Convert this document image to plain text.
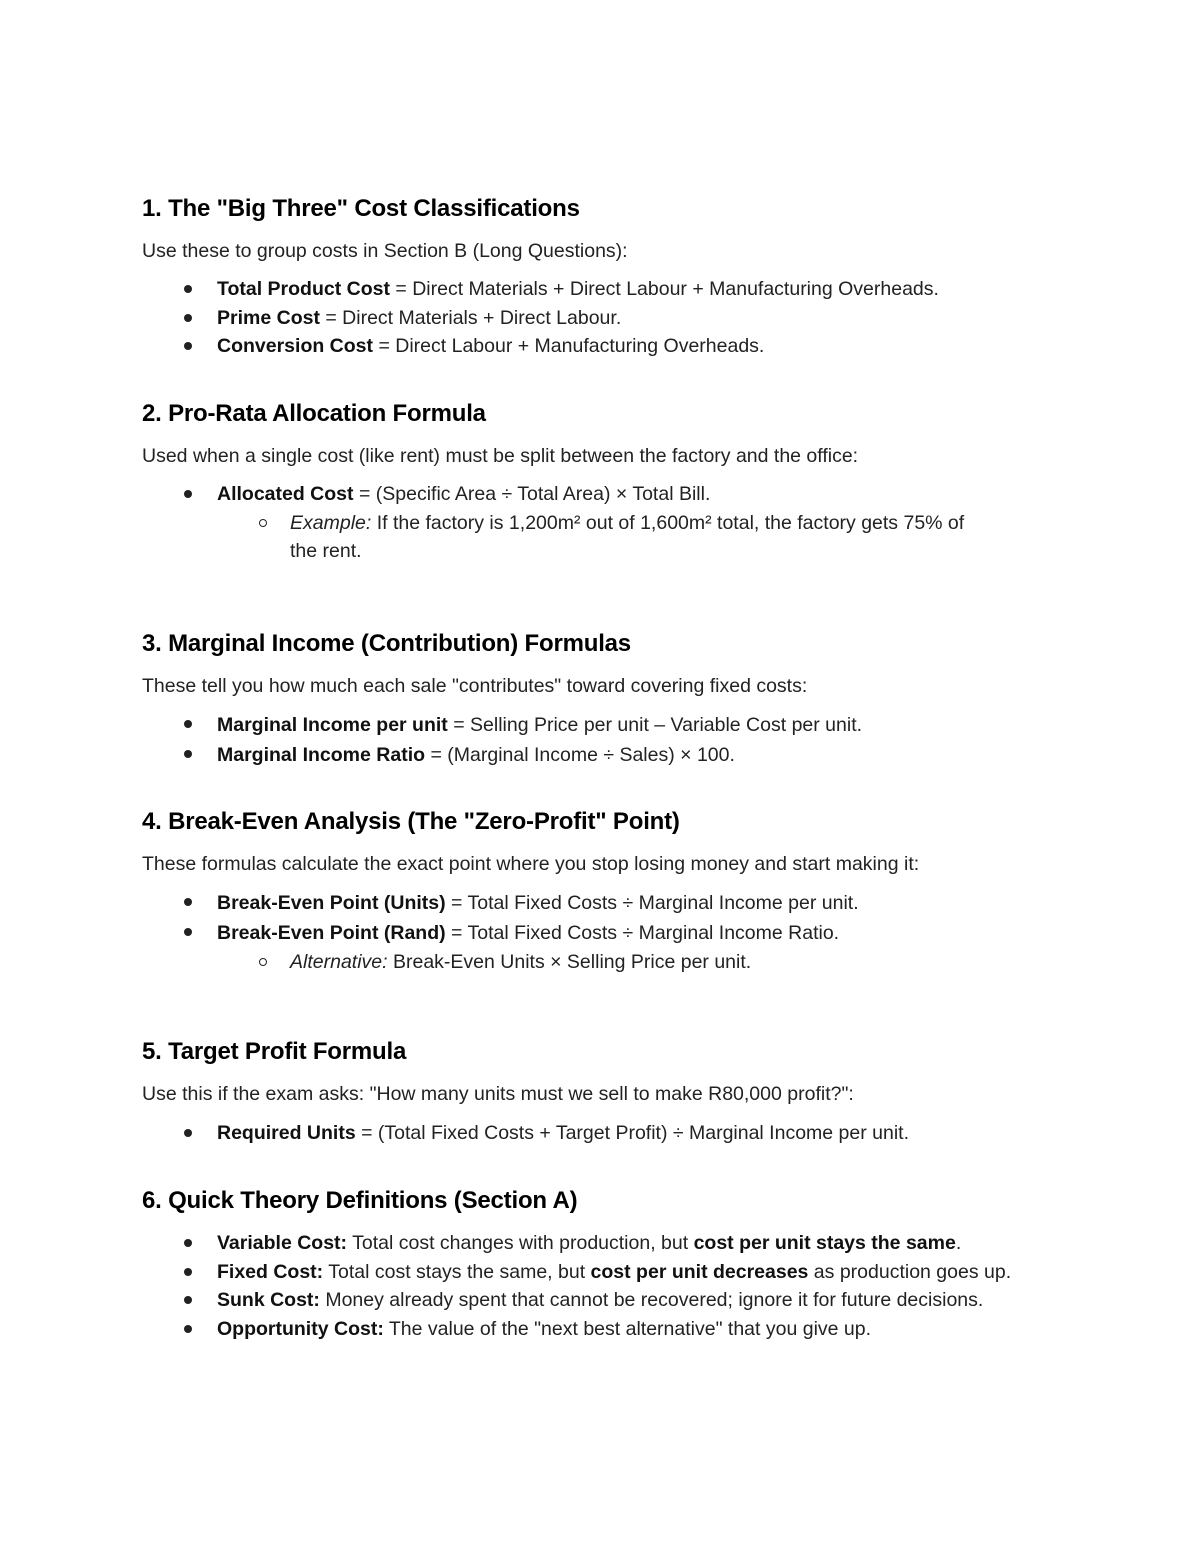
1. The "Big Three" Cost Classifications

Use these to group costs in Section B (Long Questions):

Total Product Cost = Direct Materials + Direct Labour + Manufacturing Overheads.
Prime Cost = Direct Materials + Direct Labour.
Conversion Cost = Direct Labour + Manufacturing Overheads.
2. Pro-Rata Allocation Formula

Used when a single cost (like rent) must be split between the factory and the office:

Allocated Cost = (Specific Area ÷ Total Area) × Total Bill.
Example: If the factory is 1,200m² out of 1,600m² total, the factory gets 75% of the rent.
3. Marginal Income (Contribution) Formulas

These tell you how much each sale "contributes" toward covering fixed costs:

Marginal Income per unit = Selling Price per unit – Variable Cost per unit.
Marginal Income Ratio = (Marginal Income ÷ Sales) × 100.
4. Break-Even Analysis (The "Zero-Profit" Point)

These formulas calculate the exact point where you stop losing money and start making it:

Break-Even Point (Units) = Total Fixed Costs ÷ Marginal Income per unit.
Break-Even Point (Rand) = Total Fixed Costs ÷ Marginal Income Ratio.
Alternative: Break-Even Units × Selling Price per unit.
5. Target Profit Formula

Use this if the exam asks: "How many units must we sell to make R80,000 profit?":

Required Units = (Total Fixed Costs + Target Profit) ÷ Marginal Income per unit.
6. Quick Theory Definitions (Section A)
Variable Cost: Total cost changes with production, but cost per unit stays the same.
Fixed Cost: Total cost stays the same, but cost per unit decreases as production goes up.
Sunk Cost: Money already spent that cannot be recovered; ignore it for future decisions.
Opportunity Cost: The value of the "next best alternative" that you give up.
